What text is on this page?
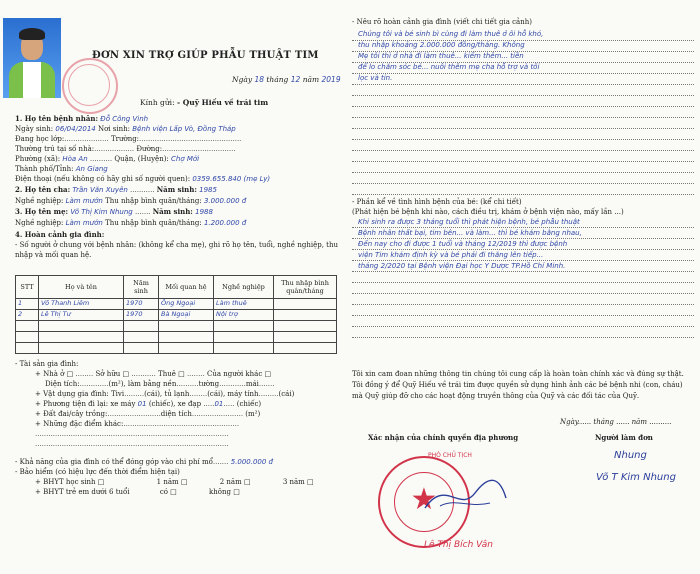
ĐƠN XIN TRỢ GIÚP PHẪU THUẬT TIM
Ngày 18 tháng 12 năm 2019
Kính gửi: - Quỹ Hiếu về trái tim
1. Họ tên bệnh nhân: Đỗ Công Vinh
Ngày sinh: 06/04/2014 Nơi sinh: Bệnh viện Lấp Vò, Đồng Tháp
Đang học lớp:.................... Trường:..............................................
Thường trú tại số nhà:.................. Đường:.................................
Phường (xã): Hòa An .......... Quận, (Huyện): Chợ Mới
Thành phố/Tỉnh: An Giang
Điện thoại (nếu không có hãy ghi số người quen): 0359.655.840 (mẹ Ly)
2. Họ tên cha: Trần Văn Xuyên ........... Năm sinh: 1985
Nghề nghiệp: Làm mướn Thu nhập bình quân/tháng: 3.000.000 đ
3. Họ tên mẹ: Võ Thị Kim Nhung ....... Năm sinh: 1988
Nghề nghiệp: Làm mướn Thu nhập bình quân/tháng: 1.200.000 đ
4. Hoàn cảnh gia đình:
- Số người ở chung với bệnh nhân: (không kể cha mẹ), ghi rõ họ tên, tuổi, nghề nghiệp, thu
nhập và mối quan hệ.
STT	Họ và tên	Năm sinh	Mối quan hệ	Nghề nghiệp	Thu nhập bình quân/tháng
1	Võ Thanh Liêm	1970	Ông Ngoại	Làm thuê	
2	Lê Thị Tư	1970	Bà Ngoại	Nội trợ	

- Tài sản gia đình:
+ Nhà ở □ ........ Sở hữu □ ........... Thuê □ ........ Của người khác □
Diện tích:.............(m²), làm bằng nền..........tường............mái.......
+ Vật dụng gia đình: Tivi.........(cái), tủ lạnh........(cái), máy tính.........(cái)
+ Phương tiện đi lại: xe máy 01 (chiếc), xe đạp .....01..... (chiếc)
+ Đất đai/cây trồng:........................diện tích....................... (m²)
+ Những đặc điểm khác:....................................................
.......................................................................................
.......................................................................................
- Khả năng của gia đình có thể đóng góp vào chi phí mổ....... 5.000.000 đ
- Bảo hiểm (có hiệu lực đến thời điểm hiện tại)
+ BHYT học sinh □	1 năm □	2 năm □	3 năm □
+ BHYT trẻ em dưới 6 tuổi	có □	không □
- Nêu rõ hoàn cảnh gia đình (viết chi tiết gia cảnh)
Chúng tôi và bé sinh bì cùng đi làm thuê ở ôi hỗ khó,
thu nhập khoảng 2.000.000 đồng/tháng. Không
Mẹ tôi thì ở nhà đi làm thuê... kiếm thêm... tiền
để lo chăm sóc bé... nuôi thêm mẹ cha hỗ trợ và tôi
lọc và tin.
- Phần kể về tình hình bệnh của bé: (kể chi tiết)
(Phát hiện bé bệnh khi nào, cách điều trị, khám ở bệnh viện nào, mấy lần ...)
Khi sinh ra được 3 tháng tuổi thì phát hiện bệnh, bé phẫu thuật
Bệnh nhân thất bại, tim bên... và làm... thì bé khám bằng nhau,
Đến nay cho đi được 1 tuổi và tháng 12/2019 thì được bệnh
viện Tim khám định kỳ và bé phải đi thăng lên tiếp...
tháng 2/2020 tại Bệnh viện Đại học Y Dược TP.Hồ Chí Minh.
Tôi xin cam đoan những thông tin chúng tôi cung cấp là hoàn toàn chính xác và đúng sự thật.
Tôi đồng ý để Quỹ Hiếu về trái tim được quyền sử dụng hình ảnh các bé bệnh nhi (con, cháu)
mà Quỹ giúp đỡ cho các hoạt động truyền thông của Quỹ và các đối tác của Quỹ.
Ngày...... tháng ...... năm ..........
Xác nhận của chính quyền địa phương	Người làm đơn
Nhung
Võ T Kim Nhung
★
PHÓ CHỦ TỊCH
Lê Thị Bích Vân
